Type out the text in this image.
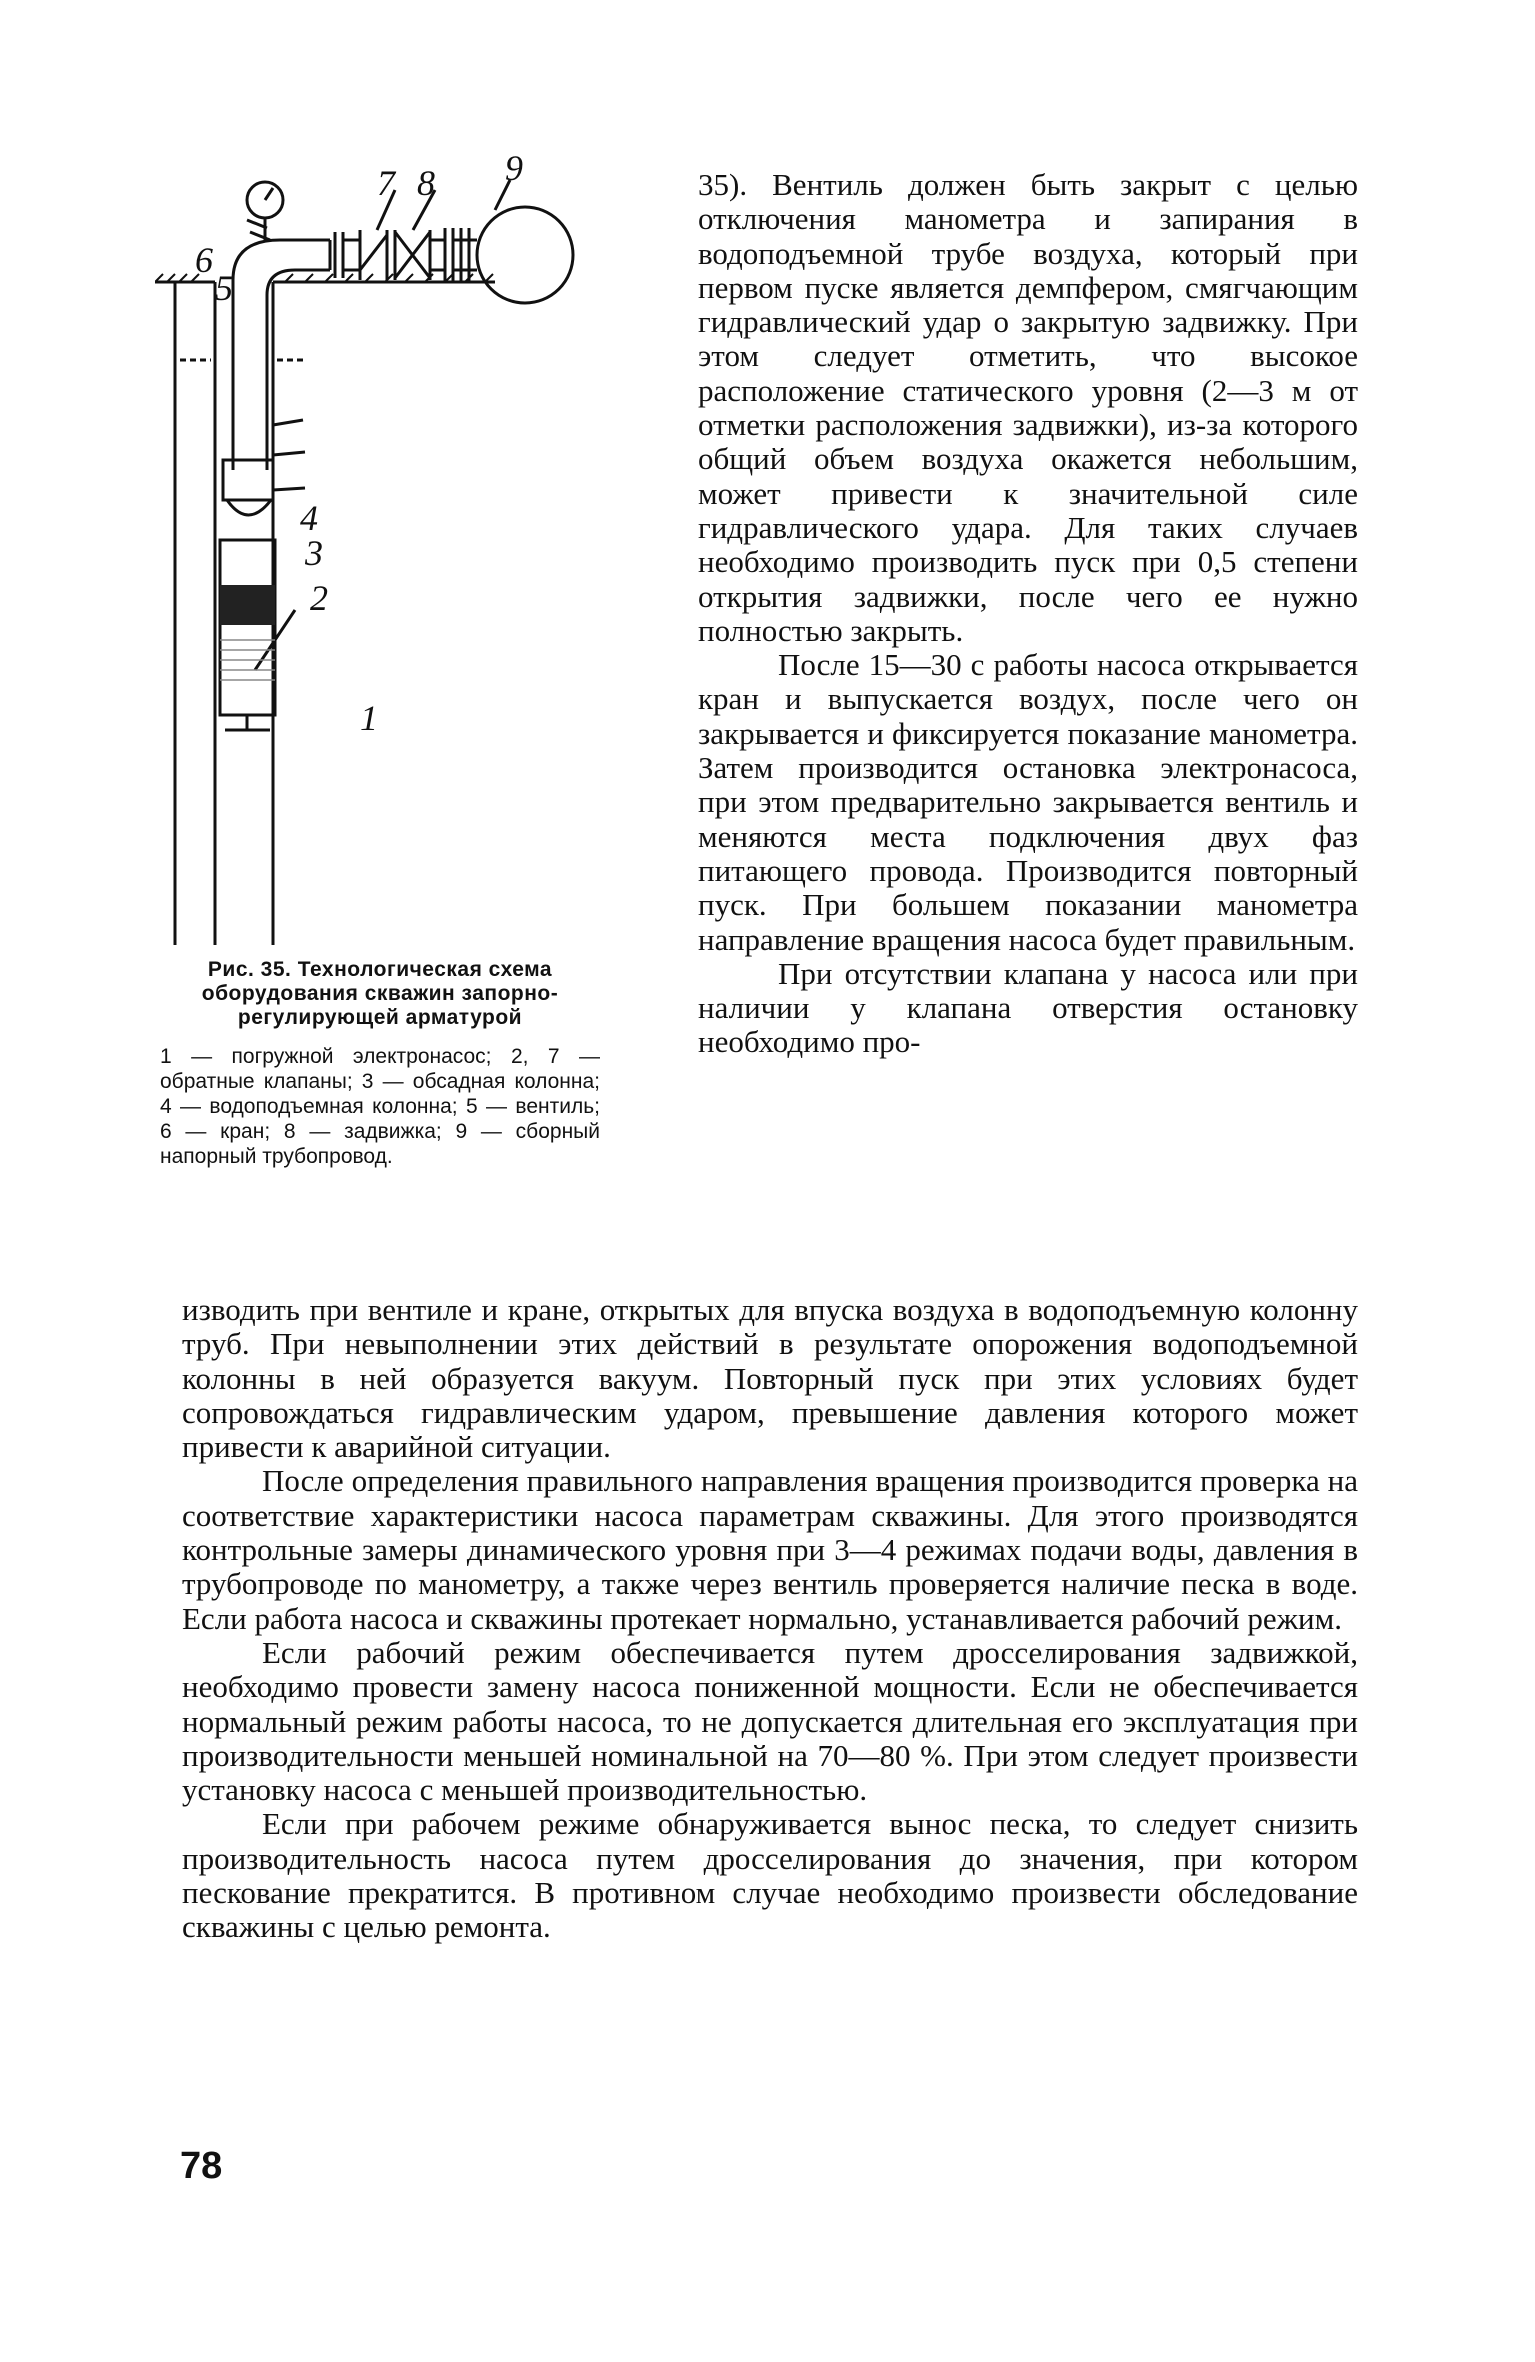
1
2
3
4
5
6
7 8 9

Рис. 35. Технологическая схема оборудования скважин запорно-регулирующей арматурой

1 — погружной электронасос; 2, 7 — обратные клапаны; 3 — обсадная колонна; 4 — водоподъемная колонна; 5 — вентиль; 6 — кран; 8 — задвижка; 9 — сборный напорный трубопровод.

35). Вентиль должен быть закрыт с целью отключения манометра и запирания в водоподъемной трубе воздуха, который при первом пуске является демпфером, смягчающим гидравлический удар о закрытую задвижку. При этом следует отметить, что высокое расположение статического уровня (2—3 м от отметки расположения задвижки), из-за которого общий объем воздуха окажется небольшим, может привести к значительной силе гидравлического удара. Для таких случаев необходимо производить пуск при 0,5 степени открытия задвижки, после чего ее нужно полностью закрыть.

После 15—30 с работы насоса открывается кран и выпускается воздух, после чего он закрывается и фиксируется показание манометра. Затем производится остановка электронасоса, при этом предварительно закрывается вентиль и меняются места подключения двух фаз питающего провода. Производится повторный пуск. При большем показании манометра направление вращения насоса будет правильным.

При отсутствии клапана у насоса или при наличии у клапана отверстия остановку необходимо про-

изводить при вентиле и кране, открытых для впуска воздуха в водоподъемную колонну труб. При невыполнении этих действий в результате опорожения водоподъемной колонны в ней образуется вакуум. Повторный пуск при этих условиях будет сопровождаться гидравлическим ударом, превышение давления которого может привести к аварийной ситуации.

После определения правильного направления вращения производится проверка на соответствие характеристики насоса параметрам скважины. Для этого производятся контрольные замеры динамического уровня при 3—4 режимах подачи воды, давления в трубопроводе по манометру, а также через вентиль проверяется наличие песка в воде. Если работа насоса и скважины протекает нормально, устанавливается рабочий режим.

Если рабочий режим обеспечивается путем дросселирования задвижкой, необходимо провести замену насоса пониженной мощности. Если не обеспечивается нормальный режим работы насоса, то не допускается длительная его эксплуатация при производительности меньшей номинальной на 70—80 %. При этом следует произвести установку насоса с меньшей производительностью.

Если при рабочем режиме обнаруживается вынос песка, то следует снизить производительность насоса путем дросселирования до значения, при котором пескование прекратится. В противном случае необходимо произвести обследование скважины с целью ремонта.

78
